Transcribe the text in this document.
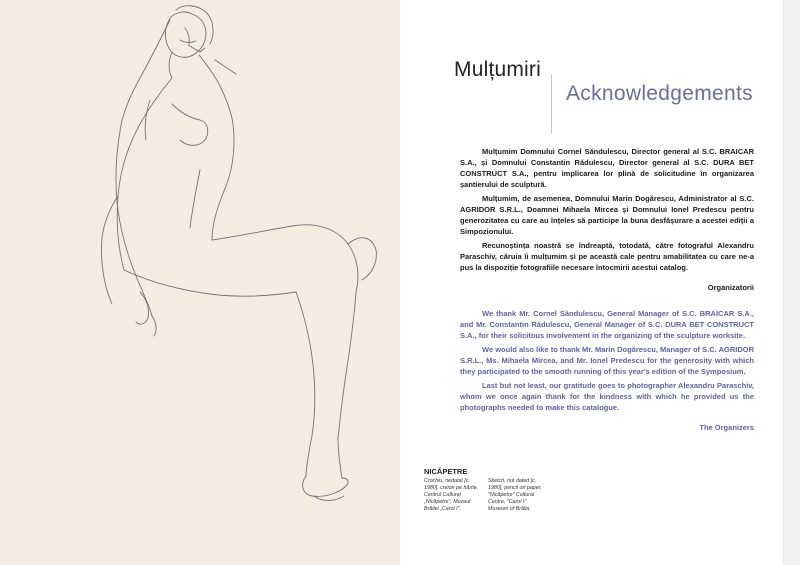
Mulțumiri
Acknowledgements

Mulțumim Domnului Cornel Săndulescu, Director general al S.C. BRAICAR S.A., și Domnului Constantin Rădulescu, Director general al S.C. DURA BET CONSTRUCT S.A., pentru implicarea lor plină de solicitudine în organizarea șantierului de sculptură.

Mulțumim, de asemenea, Domnului Marin Dogărescu, Administrator al S.C. AGRIDOR S.R.L., Doamnei Mihaela Mircea și Domnului Ionel Predescu pentru generozitatea cu care au înțeles să participe la buna desfășurare a acestei ediții a Simpozionului.

Recunoștința noastră se îndreaptă, totodată, către fotograful Alexandru Paraschiv, căruia îi mulțumim și pe această cale pentru amabilitatea cu care ne-a pus la dispoziție fotografiile necesare întocmirii acestui catalog.

Organizatorii

We thank Mr. Cornel Săndulescu, General Manager of S.C. BRAICAR S.A., and Mr. Constantin Rădulescu, General Manager of S.C. DURA BET CONSTRUCT S.A., for their solicitous involvement in the organizing of the sculpture worksite.

We would also like to thank Mr. Marin Dogărescu, Manager of S.C. AGRIDOR S.R.L., Ms. Mihaela Mircea, and Mr. Ionel Predescu for the generosity with which they participated to the smooth running of this year's edition of the Symposium.

Last but not least, our gratitude goes to photographer Alexandru Paraschiv, whom we once again thank for the kindness with which he provided us the photographs needed to make this catalogue.

The Organizers

NICĂPETRE
Crochiu, nedatat [c. 1980], creion pe hârtie, Centrul Cultural „Nicăpetre", Muzeul Brăilei „Carol I".
Sketch, not dated [c. 1980], pencil on paper, "Nicăpetre" Cultural Centre, "Carol I" Museum of Brăila.
